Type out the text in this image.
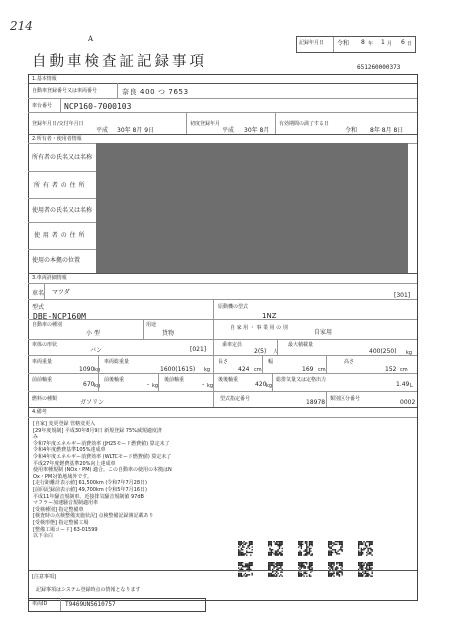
214
A
自動車検査証記録事項
記録年月日 令和 8 年 1 月 6 日
651260000373
1.基本情報
自動車登録番号又は車両番号	奈良 400 つ 7653
車台番号 NCP160-7000103
登録年月日/交付年月日
平成 30年 8月 9日
初度登録年月
平成 30年 8月
有効期間の満了する日
令和 8年 8月 8日
2.所有者・使用者情報
所有者の氏名又は名称
所 有 者 の 住 所
使用者の氏名又は名称
使 用 者 の 住 所
使用の本拠の位置
3.車両詳細情報
車名 マツダ	[301]
型式
DBE-NCP160M
原動機の型式
1NZ
自動車の種別
小 型
用途
貨物
自 家 用 ・ 事 業 用 の 別
自家用
車体の形状
バン	[021]
乗車定員
2(5) 人
最大積載量
400(250) kg
車両重量
1090 kg
車両総重量
1600(1615) kg
長さ
424 cm
幅
169 cm
高さ
152 cm
前前軸重
670 kg
前後軸重
- kg
後前軸重
- kg
後後軸重
420 kg
総排気量又は定格出力
1.49 L
燃料の種類	ガソリン	型式指定番号	18978 類別区分番号	0002
4.備考
[自家] 変更登録 管轄変更入
[29年度規制] 平成30年8月9日 新規登録 75%減規適度済
み
令和7年度エネルギー消費効率 (JH25モード燃費値) 算定未了
令和4年度燃費基準105%達成車
令和4年度エネルギー消費効率 (WLTCモード燃費値) 算定未了
平成27年度燃費基準20%向上達成車
使用車種規制 (NOx・PM) 適合。この自動車の使用の本拠はN
Ox・PM対策地域外です。
[走行距離計表示値] 61,500km (令和7年7月28日)
[前回記録前表示値] 49,700km (令和5年7月16日)
平成11年騒音規制車、近接排気騒音規制値 97dB
マフラー加速騒音規制適用車
[受検種別] 指定整備車
[検査時の点検整備実施状況] 点検整備記録簿記載あり
[受検形態] 指定整備工場
[整備工場コード] 63-01599
以下余白
[注意事項]
記録事項はシステム登録時点の情報となります
車両ID	T9469UN5610757
